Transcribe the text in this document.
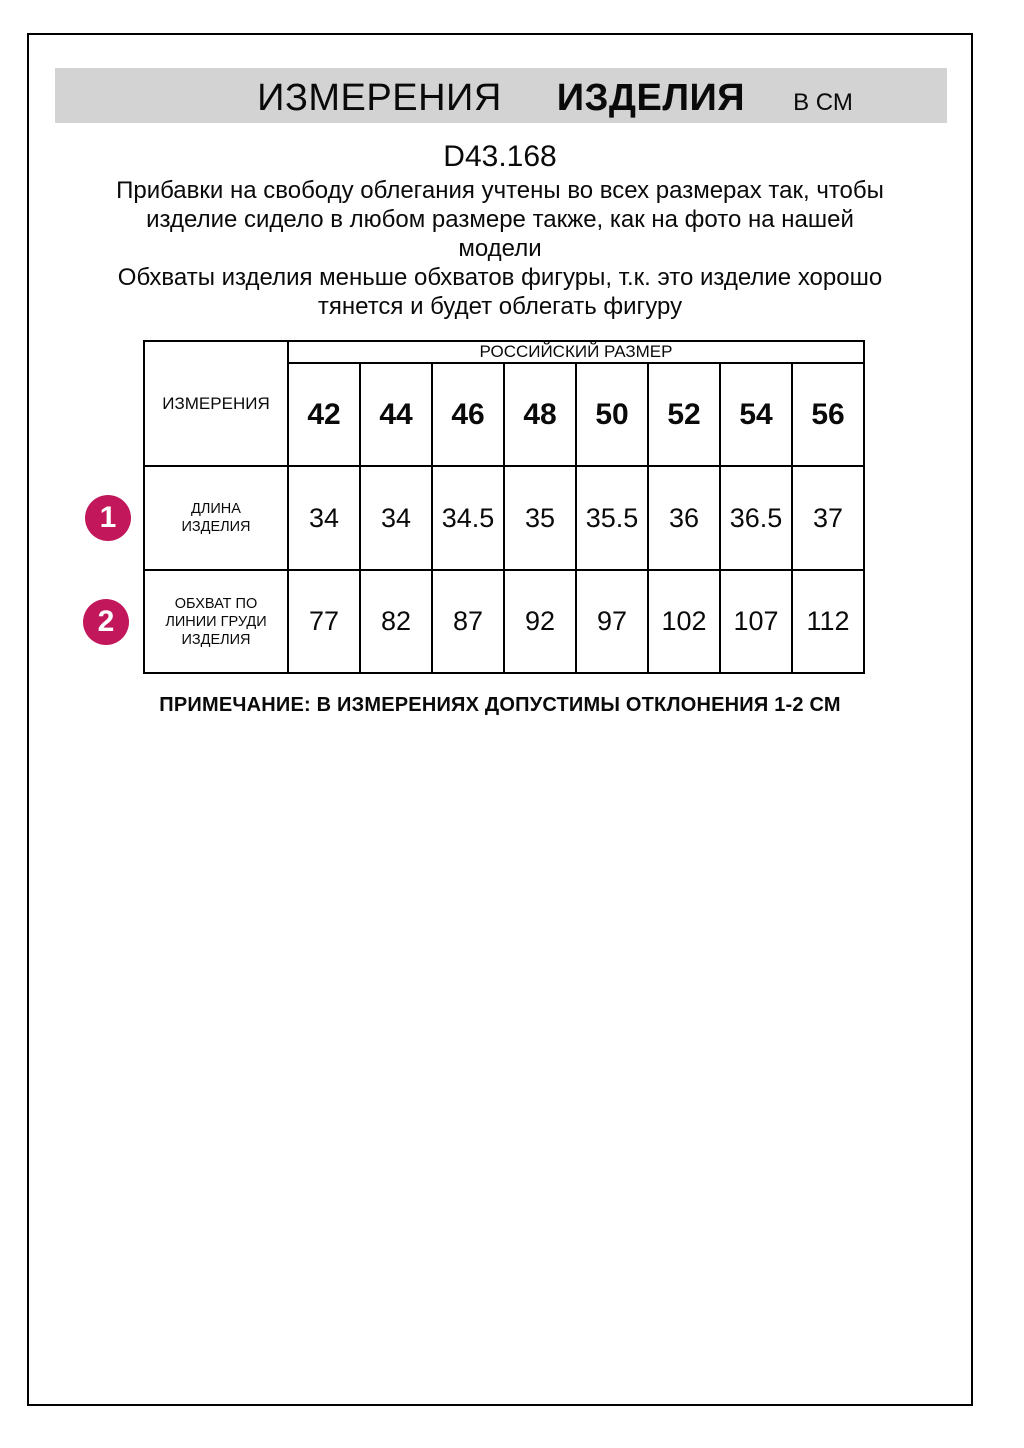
ИЗМЕРЕНИЯ ИЗДЕЛИЯ В СМ
D43.168
Прибавки на свободу облегания учтены во всех размерах так, чтобы
изделие сидело в любом размере также, как на фото на нашей
модели
Обхваты изделия меньше обхватов фигуры, т.к. это изделие хорошо
тянется и будет облегать фигуру
ИЗМЕРЕНИЯ	РОССИЙСКИЙ РАЗМЕР							
	42	44	46	48	50	52	54	56
ДЛИНА ИЗДЕЛИЯ	34	34	34.5	35	35.5	36	36.5	37
ОБХВАТ ПО ЛИНИИ ГРУДИ ИЗДЕЛИЯ	77	82	87	92	97	102	107	112
1
2
ПРИМЕЧАНИЕ: В ИЗМЕРЕНИЯХ ДОПУСТИМЫ ОТКЛОНЕНИЯ 1-2 СМ
